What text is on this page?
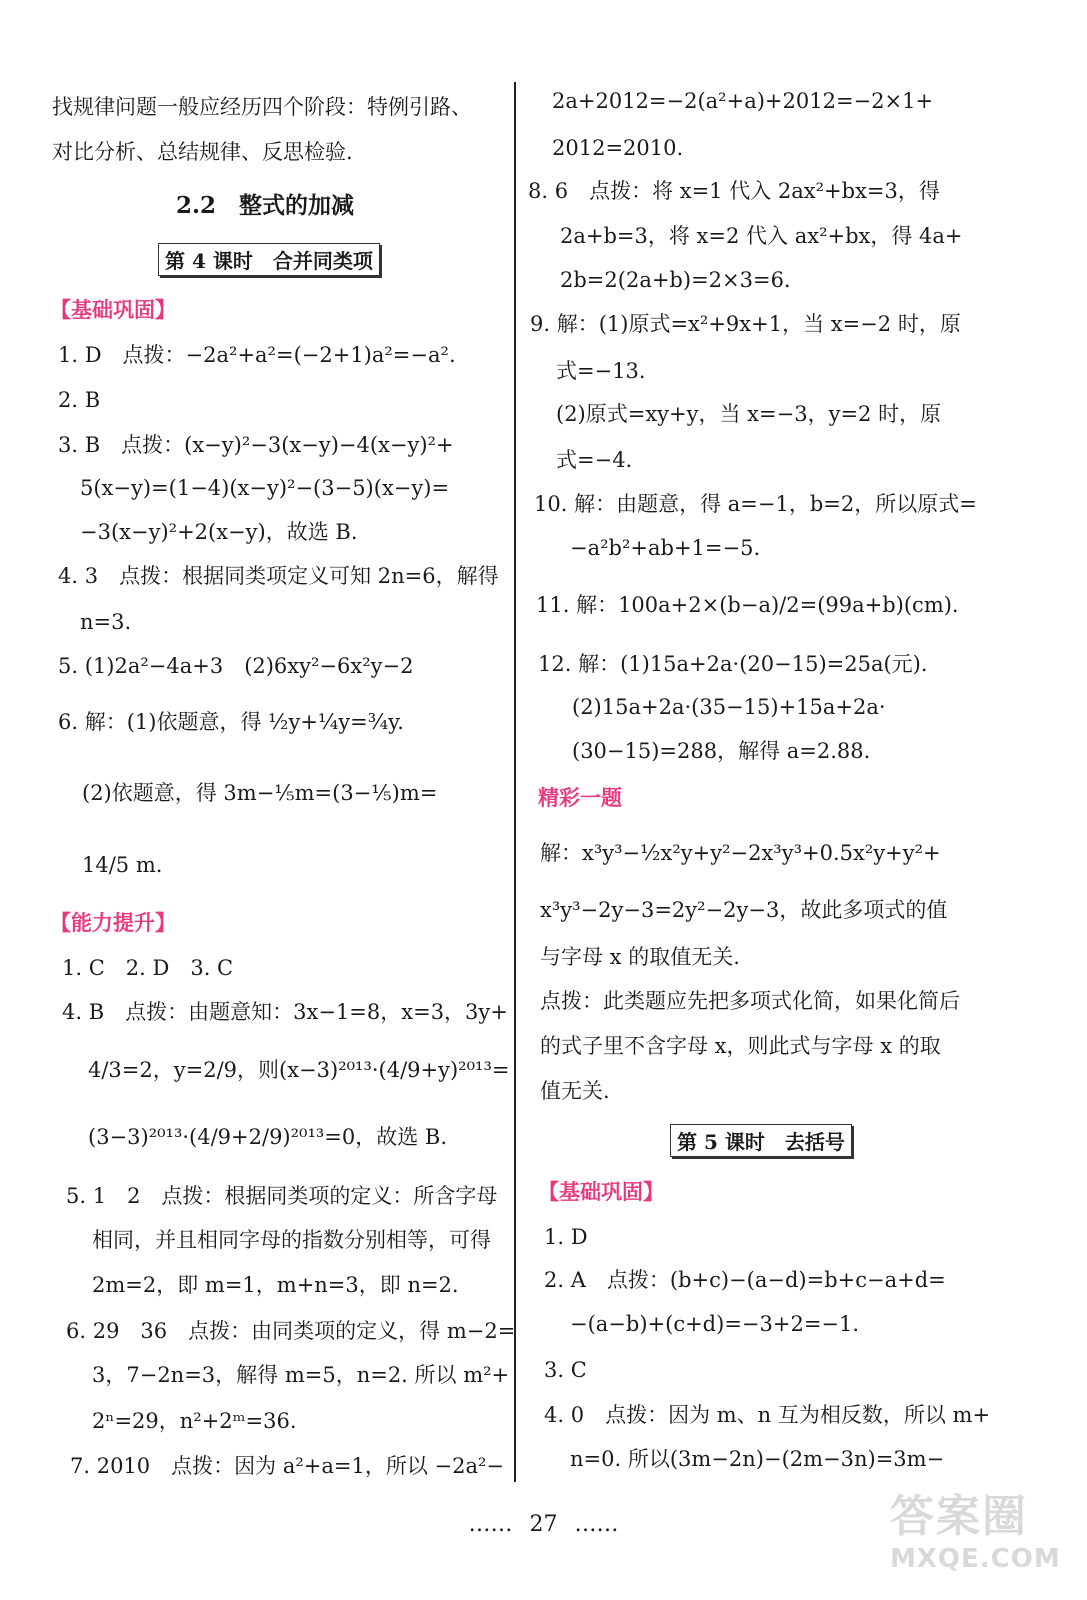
找规律问题一般应经历四个阶段：特例引路、
对比分析、总结规律、反思检验.
2.2　整式的加减
第 4 课时　合并同类项
【基础巩固】
1. D　点拨：−2a²+a²=(−2+1)a²=−a².
2. B
3. B　点拨：(x−y)²−3(x−y)−4(x−y)²+
5(x−y)=(1−4)(x−y)²−(3−5)(x−y)=
−3(x−y)²+2(x−y)，故选 B.
4. 3　点拨：根据同类项定义可知 2n=6，解得
n=3.
5. (1)2a²−4a+3　(2)6xy²−6x²y−2
6. 解：(1)依题意，得 ½y+¼y=¾y.
(2)依题意，得 3m−⅕m=(3−⅕)m=
14/5 m.
【能力提升】
1. C　2. D　3. C
4. B　点拨：由题意知：3x−1=8，x=3，3y+
4/3=2，y=2/9，则(x−3)²⁰¹³·(4/9+y)²⁰¹³=
(3−3)²⁰¹³·(4/9+2/9)²⁰¹³=0，故选 B.
5. 1　2　点拨：根据同类项的定义：所含字母
相同，并且相同字母的指数分别相等，可得
2m=2，即 m=1，m+n=3，即 n=2.
6. 29　36　点拨：由同类项的定义，得 m−2=
3，7−2n=3，解得 m=5，n=2. 所以 m²+
2ⁿ=29，n²+2ᵐ=36.
7. 2010　点拨：因为 a²+a=1，所以 −2a²−
2a+2012=−2(a²+a)+2012=−2×1+
2012=2010.
8. 6　点拨：将 x=1 代入 2ax²+bx=3，得
2a+b=3，将 x=2 代入 ax²+bx，得 4a+
2b=2(2a+b)=2×3=6.
9. 解：(1)原式=x²+9x+1，当 x=−2 时，原
式=−13.
(2)原式=xy+y，当 x=−3，y=2 时，原
式=−4.
10. 解：由题意，得 a=−1，b=2，所以原式=
−a²b²+ab+1=−5.
11. 解：100a+2×(b−a)/2=(99a+b)(cm).
12. 解：(1)15a+2a·(20−15)=25a(元).
(2)15a+2a·(35−15)+15a+2a·
(30−15)=288，解得 a=2.88.
精彩一题
解：x³y³−½x²y+y²−2x³y³+0.5x²y+y²+
x³y³−2y−3=2y²−2y−3，故此多项式的值
与字母 x 的取值无关.
点拨：此类题应先把多项式化简，如果化简后
的式子里不含字母 x，则此式与字母 x 的取
值无关.
第 5 课时　去括号
【基础巩固】
1. D
2. A　点拨：(b+c)−(a−d)=b+c−a+d=
−(a−b)+(c+d)=−3+2=−1.
3. C
4. 0　点拨：因为 m、n 互为相反数，所以 m+
n=0. 所以(3m−2n)−(2m−3n)=3m−
…… 27 ……	答案圈
MXQE.COM
